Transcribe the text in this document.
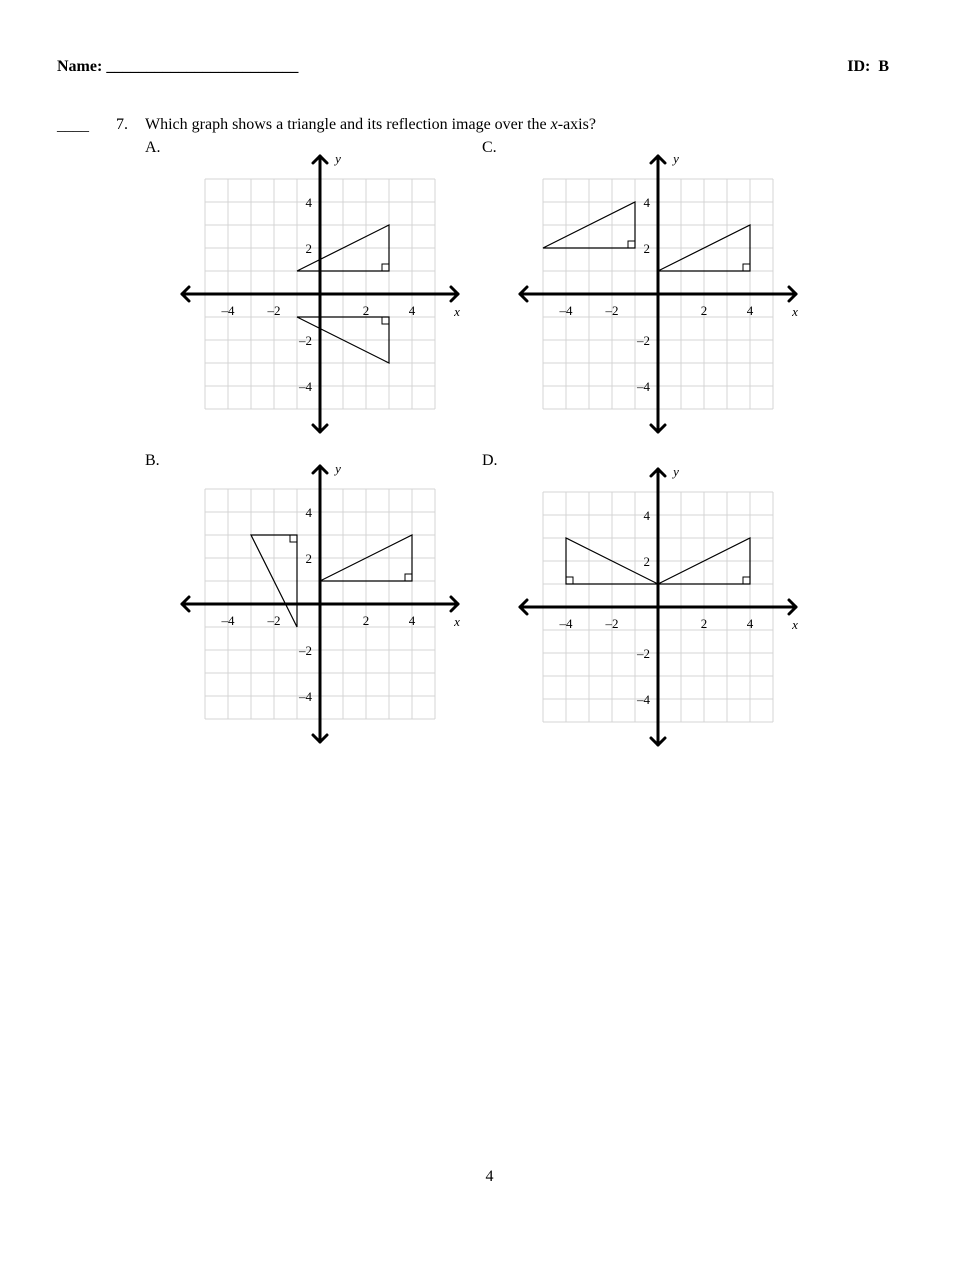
Name: ________________________	ID: B
____ 7. Which graph shows a triangle and its reflection image over the x-axis?
A.
B.
C.
D.
–4	–2	2	4
4
2
–2
–4
x
y
–4	–2	2	4
4
2
–2
–4
x
y
–4	–2	2	4
4
2
–2
–4
x
y
–4	–2	2	4
4
2
–2
–4
x
y
4
